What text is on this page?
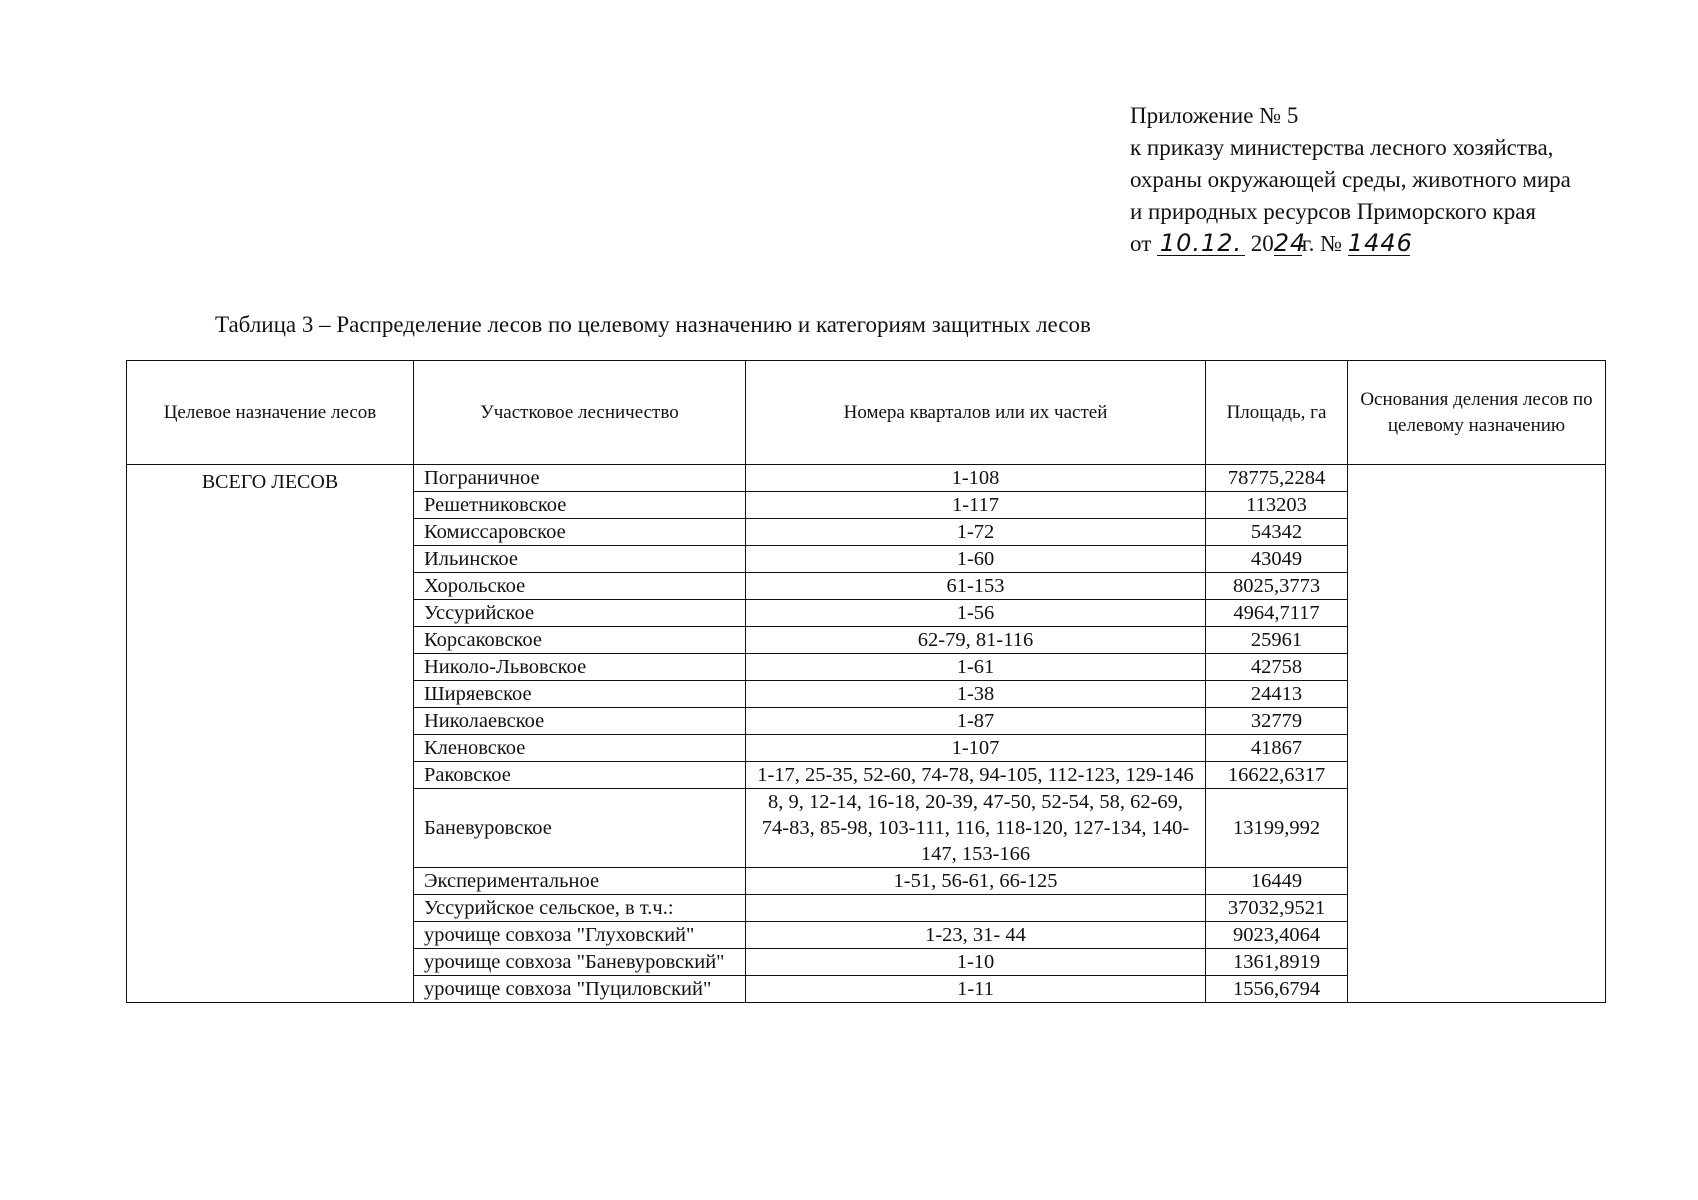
Приложение № 5
к приказу министерства лесного хозяйства,
охраны окружающей среды, животного мира
и природных ресурсов Приморского края
от 10.12. 2024г. № 1446
Таблица 3 – Распределение лесов по целевому назначению и категориям защитных лесов
Целевое назначение лесов	Участковое лесничество	Номера кварталов или их частей	Площадь, га	Основания деления лесов по целевому назначению
ВСЕГО ЛЕСОВ	Пограничное	1-108	78775,2284	
	Решетниковское	1-117	113203	
	Комиссаровское	1-72	54342	
	Ильинское	1-60	43049	
	Хорольское	61-153	8025,3773	
	Уссурийское	1-56	4964,7117	
	Корсаковское	62-79, 81-116	25961	
	Николо-Львовское	1-61	42758	
	Ширяевское	1-38	24413	
	Николаевское	1-87	32779	
	Кленовское	1-107	41867	
	Раковское	1-17, 25-35, 52-60, 74-78, 94-105, 112-123, 129-146	16622,6317	
	Баневуровское	8, 9, 12-14, 16-18, 20-39, 47-50, 52-54, 58, 62-69, 74-83, 85-98, 103-111, 116, 118-120, 127-134, 140-147, 153-166	13199,992	
	Экспериментальное	1-51, 56-61, 66-125	16449	
	Уссурийское сельское, в т.ч.:		37032,9521	
	урочище совхоза "Глуховский"	1-23, 31- 44	9023,4064	
	урочище совхоза "Баневуровский"	1-10	1361,8919	
	урочище совхоза "Пуциловский"	1-11	1556,6794	
